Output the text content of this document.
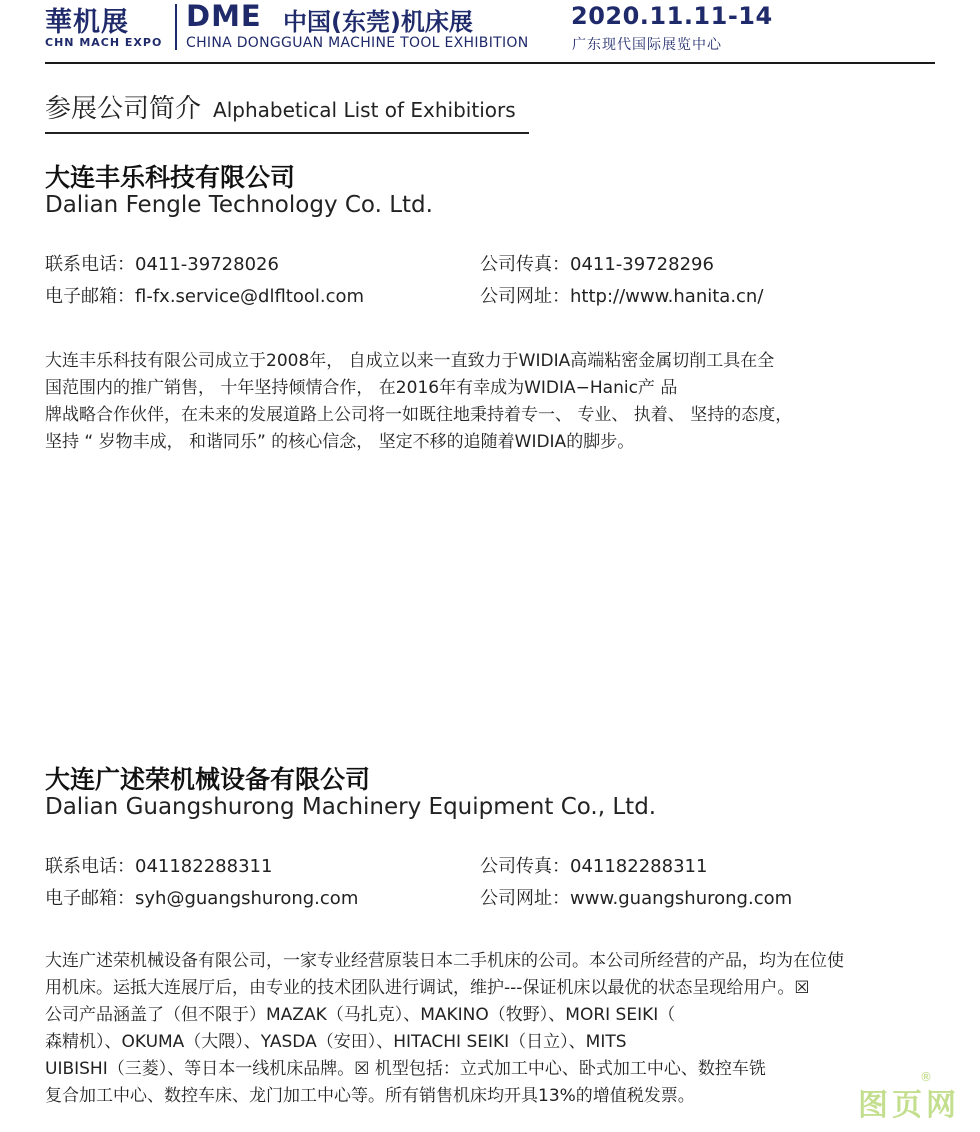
華机展
CHN MACH EXPO
DME 中国(东莞)机床展	2020.11.11-14
CHINA DONGGUAN MACHINE TOOL EXHIBITION	广东现代国际展览中心
参展公司简介 Alphabetical List of Exhibitiors
大连丰乐科技有限公司
Dalian Fengle Technology Co. Ltd.
联系电话：0411-39728026	公司传真：0411-39728296
电子邮箱：fl-fx.service@dlfltool.com	公司网址：http://www.hanita.cn/
大连丰乐科技有限公司成立于2008年， 自成立以来一直致力于WIDIA高端粘密金属切削工具在全
国范围内的推广销售， 十年坚持倾情合作， 在2016年有幸成为WIDIA−Hanic产 品
牌战略合作伙伴，在未来的发展道路上公司将一如既往地秉持着专一、 专业、 执着、 坚持的态度，
坚持 “ 岁物丰成， 和谐同乐” 的核心信念， 坚定不移的追随着WIDIA的脚步。
大连广述荣机械设备有限公司
Dalian Guangshurong Machinery Equipment Co., Ltd.
联系电话：041182288311	公司传真：041182288311
电子邮箱：syh@guangshurong.com	公司网址：www.guangshurong.com
大连广述荣机械设备有限公司，一家专业经营原装日本二手机床的公司。本公司所经营的产品，均为在位使
用机床。运抵大连展厅后，由专业的技术团队进行调试，维护---保证机床以最优的状态呈现给用户。☒
公司产品涵盖了（但不限于）MAZAK（马扎克）、MAKINO（牧野）、MORI SEIKI（
森精机）、OKUMA（大隈）、YASDA（安田）、HITACHI SEIKI（日立）、MITS
UIBISHI（三菱）、等日本一线机床品牌。☒ 机型包括：立式加工中心、卧式加工中心、数控车铣
复合加工中心、数控车床、龙门加工中心等。所有销售机床均开具13%的增值税发票。	图页网
®
